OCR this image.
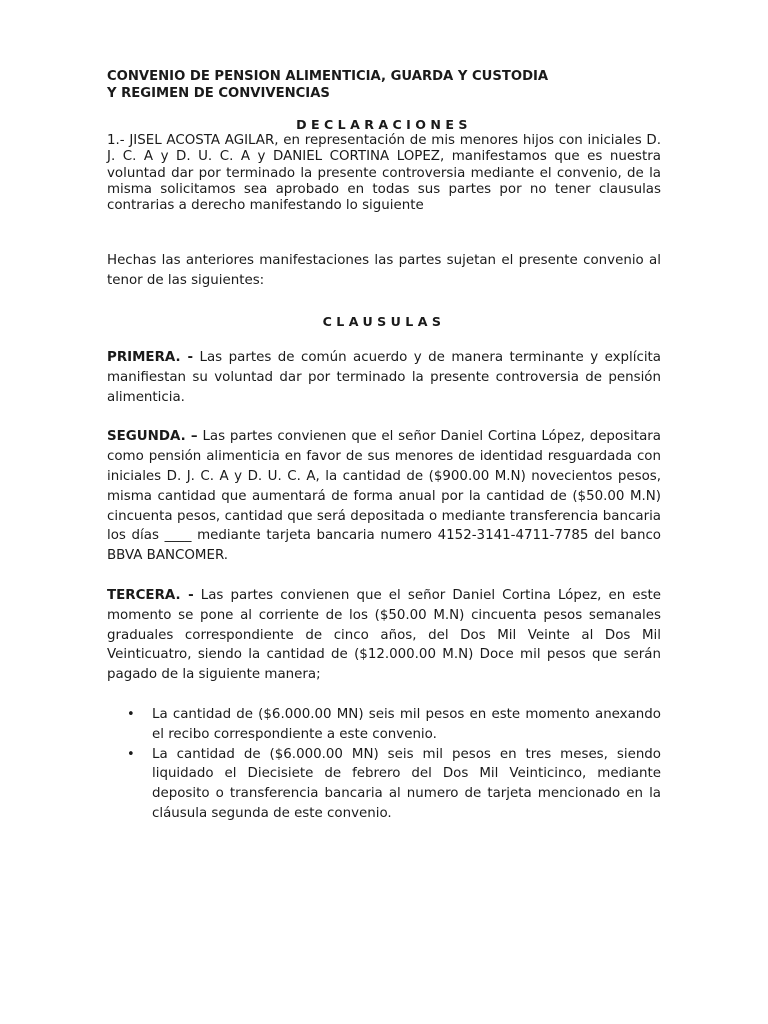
CONVENIO DE PENSION ALIMENTICIA, GUARDA Y CUSTODIA
Y REGIMEN DE CONVIVENCIAS

DECLARACIONES

1.- JISEL ACOSTA AGILAR, en representación de mis menores hijos con iniciales D. J. C. A y D. U. C. A y DANIEL CORTINA LOPEZ, manifestamos que es nuestra voluntad dar por terminado la presente controversia mediante el convenio, de la misma solicitamos sea aprobado en todas sus partes por no tener clausulas contrarias a derecho manifestando lo siguiente

Hechas las anteriores manifestaciones las partes sujetan el presente convenio al tenor de las siguientes:

CLAUSULAS

PRIMERA. - Las partes de común acuerdo y de manera terminante y explícita manifiestan su voluntad dar por terminado la presente controversia de pensión alimenticia.

SEGUNDA. – Las partes convienen que el señor Daniel Cortina López, depositara como pensión alimenticia en favor de sus menores de identidad resguardada con iniciales D. J. C. A y D. U. C. A, la cantidad de ($900.00 M.N) novecientos pesos, misma cantidad que aumentará de forma anual por la cantidad de ($50.00 M.N) cincuenta pesos, cantidad que será depositada o mediante transferencia bancaria los días ____ mediante tarjeta bancaria numero 4152-3141-4711-7785 del banco BBVA BANCOMER.

TERCERA. - Las partes convienen que el señor Daniel Cortina López, en este momento se pone al corriente de los ($50.00 M.N) cincuenta pesos semanales graduales correspondiente de cinco años, del Dos Mil Veinte al Dos Mil Veinticuatro, siendo la cantidad de ($12.000.00 M.N) Doce mil pesos que serán pagado de la siguiente manera;

• La cantidad de ($6.000.00 MN) seis mil pesos en este momento anexando el recibo correspondiente a este convenio.
• La cantidad de ($6.000.00 MN) seis mil pesos en tres meses, siendo liquidado el Diecisiete de febrero del Dos Mil Veinticinco, mediante deposito o transferencia bancaria al numero de tarjeta mencionado en la cláusula segunda de este convenio.
